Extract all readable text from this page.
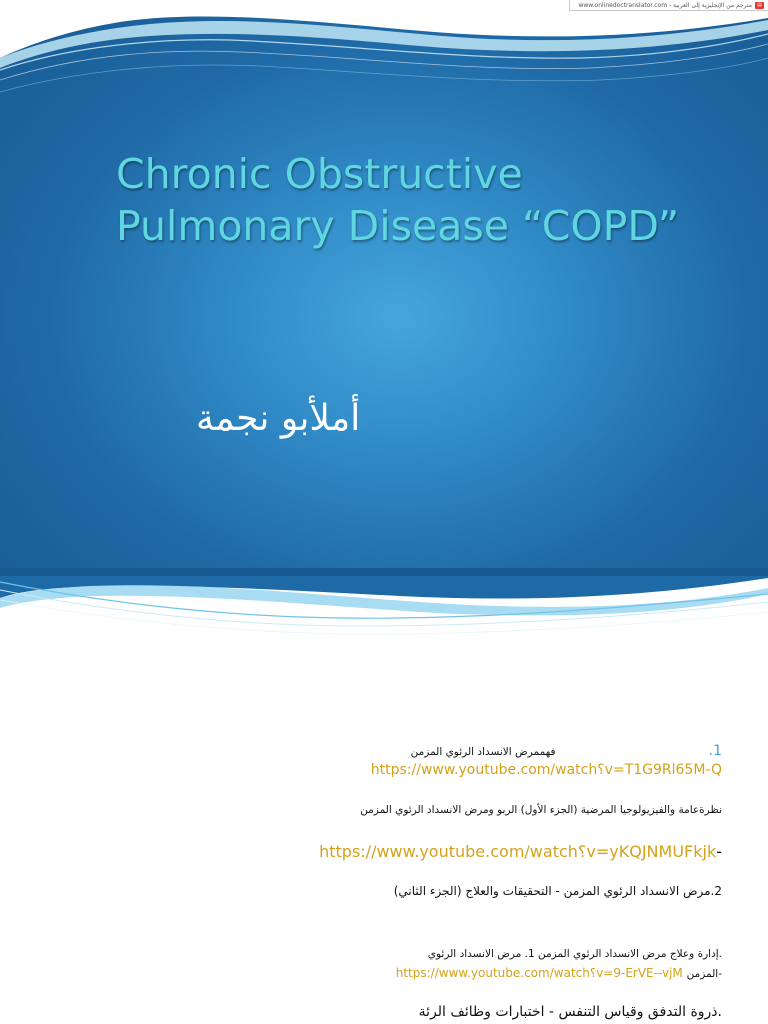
www.onlinedoctranslator.com - مترجم من الإنجليزية إلى العربية	▤
Chronic Obstructive
Pulmonary Disease “COPD”
أملأبو نجمة
1. فهممرض الانسداد الرئوي المزمن
https://www.youtube.com/watch؟v=T1G9Rl65M-Q
نظرةعامة والفيزيولوجيا المرضية (الجزء الأول) الربو ومرض الانسداد الرئوي المزمن
https://www.youtube.com/watch؟v=yKQJNMUFkjk-
2.مرض الانسداد الرئوي المزمن - التحقيقات والعلاج (الجزء الثاني)
.إدارة وعلاج مرض الانسداد الرئوي المزمن 1. مرض الانسداد الرئوي
https://www.youtube.com/watch؟v=9-ErVE--vjM المزمن-
.ذروة التدفق وقياس التنفس - اختبارات وظائف الرئة
